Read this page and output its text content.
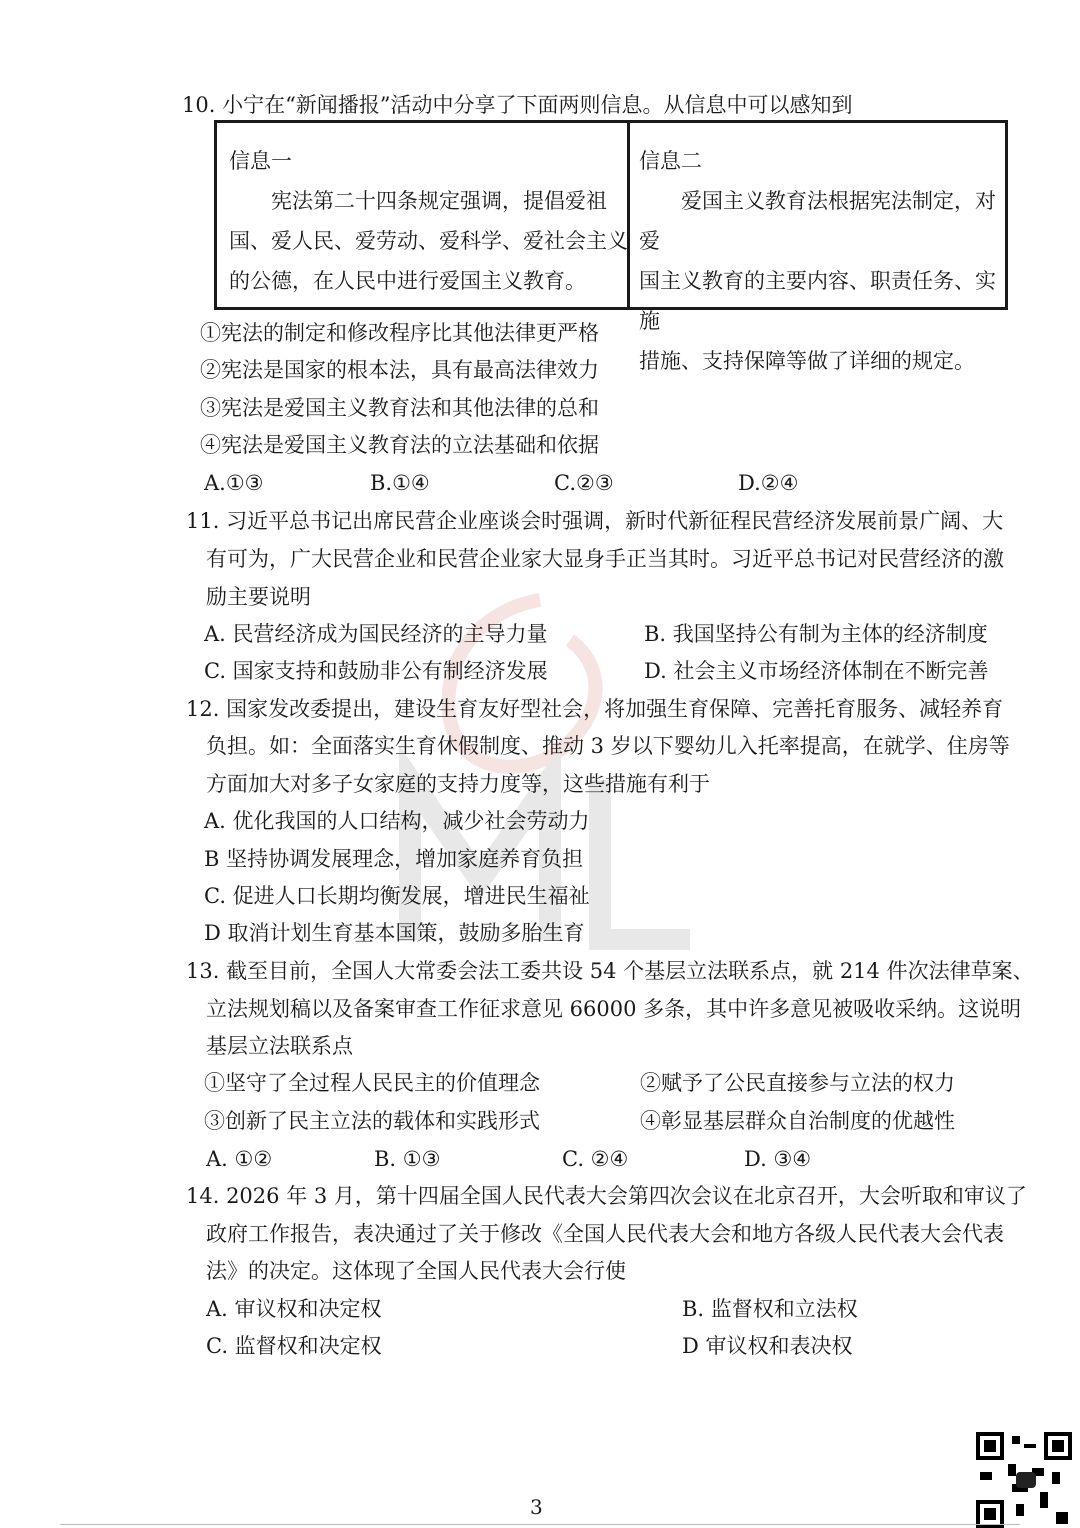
10. 小宁在“新闻播报”活动中分享了下面两则信息。从信息中可以感知到
信息一
　　宪法第二十四条规定强调，提倡爱祖
国、爱人民、爱劳动、爱科学、爱社会主义
的公德，在人民中进行爱国主义教育。
信息二
　　爱国主义教育法根据宪法制定，对爱
国主义教育的主要内容、职责任务、实施
措施、支持保障等做了详细的规定。
①宪法的制定和修改程序比其他法律更严格
②宪法是国家的根本法，具有最高法律效力
③宪法是爱国主义教育法和其他法律的总和
④宪法是爱国主义教育法的立法基础和依据
A.①③	B.①④	C.②③	D.②④
11. 习近平总书记出席民营企业座谈会时强调，新时代新征程民营经济发展前景广阔、大
有可为，广大民营企业和民营企业家大显身手正当其时。习近平总书记对民营经济的激
励主要说明
A. 民营经济成为国民经济的主导力量	B. 我国坚持公有制为主体的经济制度
C. 国家支持和鼓励非公有制经济发展	D. 社会主义市场经济体制在不断完善
12. 国家发改委提出，建设生育友好型社会，将加强生育保障、完善托育服务、减轻养育
负担。如：全面落实生育休假制度、推动 3 岁以下婴幼儿入托率提高，在就学、住房等
方面加大对多子女家庭的支持力度等，这些措施有利于
A. 优化我国的人口结构，减少社会劳动力
B 坚持协调发展理念，增加家庭养育负担
C. 促进人口长期均衡发展，增进民生福祉
D 取消计划生育基本国策，鼓励多胎生育
13. 截至目前，全国人大常委会法工委共设 54 个基层立法联系点，就 214 件次法律草案、
立法规划稿以及备案审查工作征求意见 66000 多条，其中许多意见被吸收采纳。这说明
基层立法联系点
①坚守了全过程人民民主的价值理念	②赋予了公民直接参与立法的权力
③创新了民主立法的载体和实践形式	④彰显基层群众自治制度的优越性
A. ①②	B. ①③	C. ②④	D. ③④
14. 2026 年 3 月，第十四届全国人民代表大会第四次会议在北京召开，大会听取和审议了
政府工作报告，表决通过了关于修改《全国人民代表大会和地方各级人民代表大会代表
法》的决定。这体现了全国人民代表大会行使
A. 审议权和决定权	B. 监督权和立法权
C. 监督权和决定权	D 审议权和表决权
3
